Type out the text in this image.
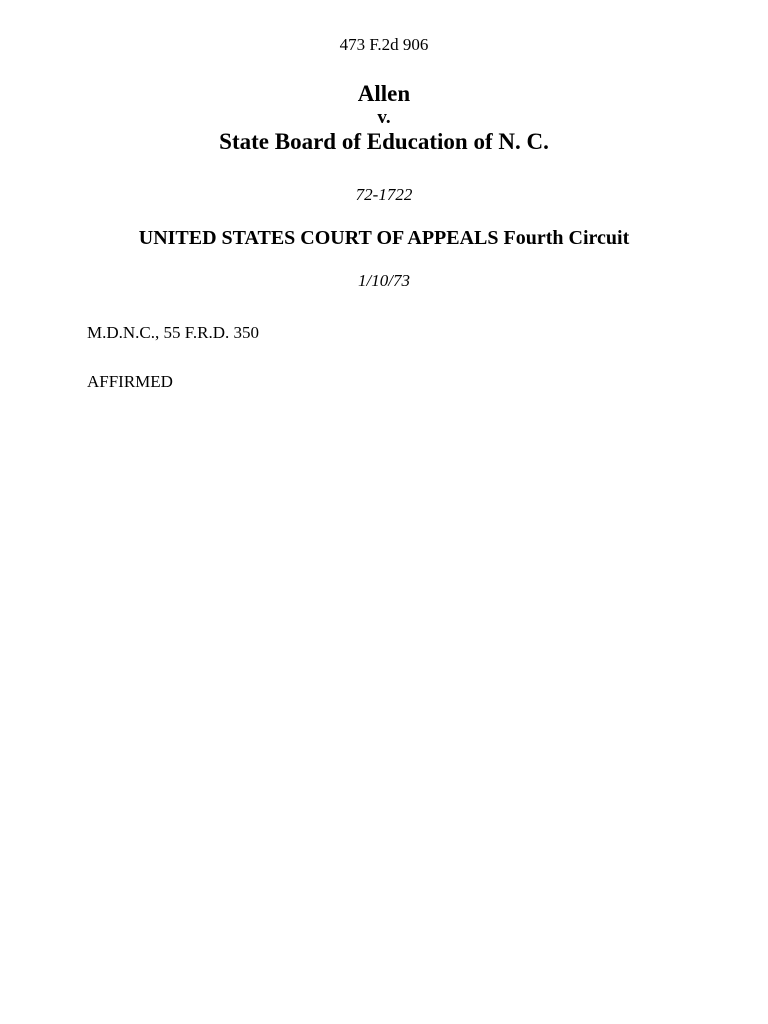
473 F.2d 906
Allen
v.
State Board of Education of N. C.
72-1722
UNITED STATES COURT OF APPEALS Fourth Circuit
1/10/73
M.D.N.C., 55 F.R.D. 350
AFFIRMED
